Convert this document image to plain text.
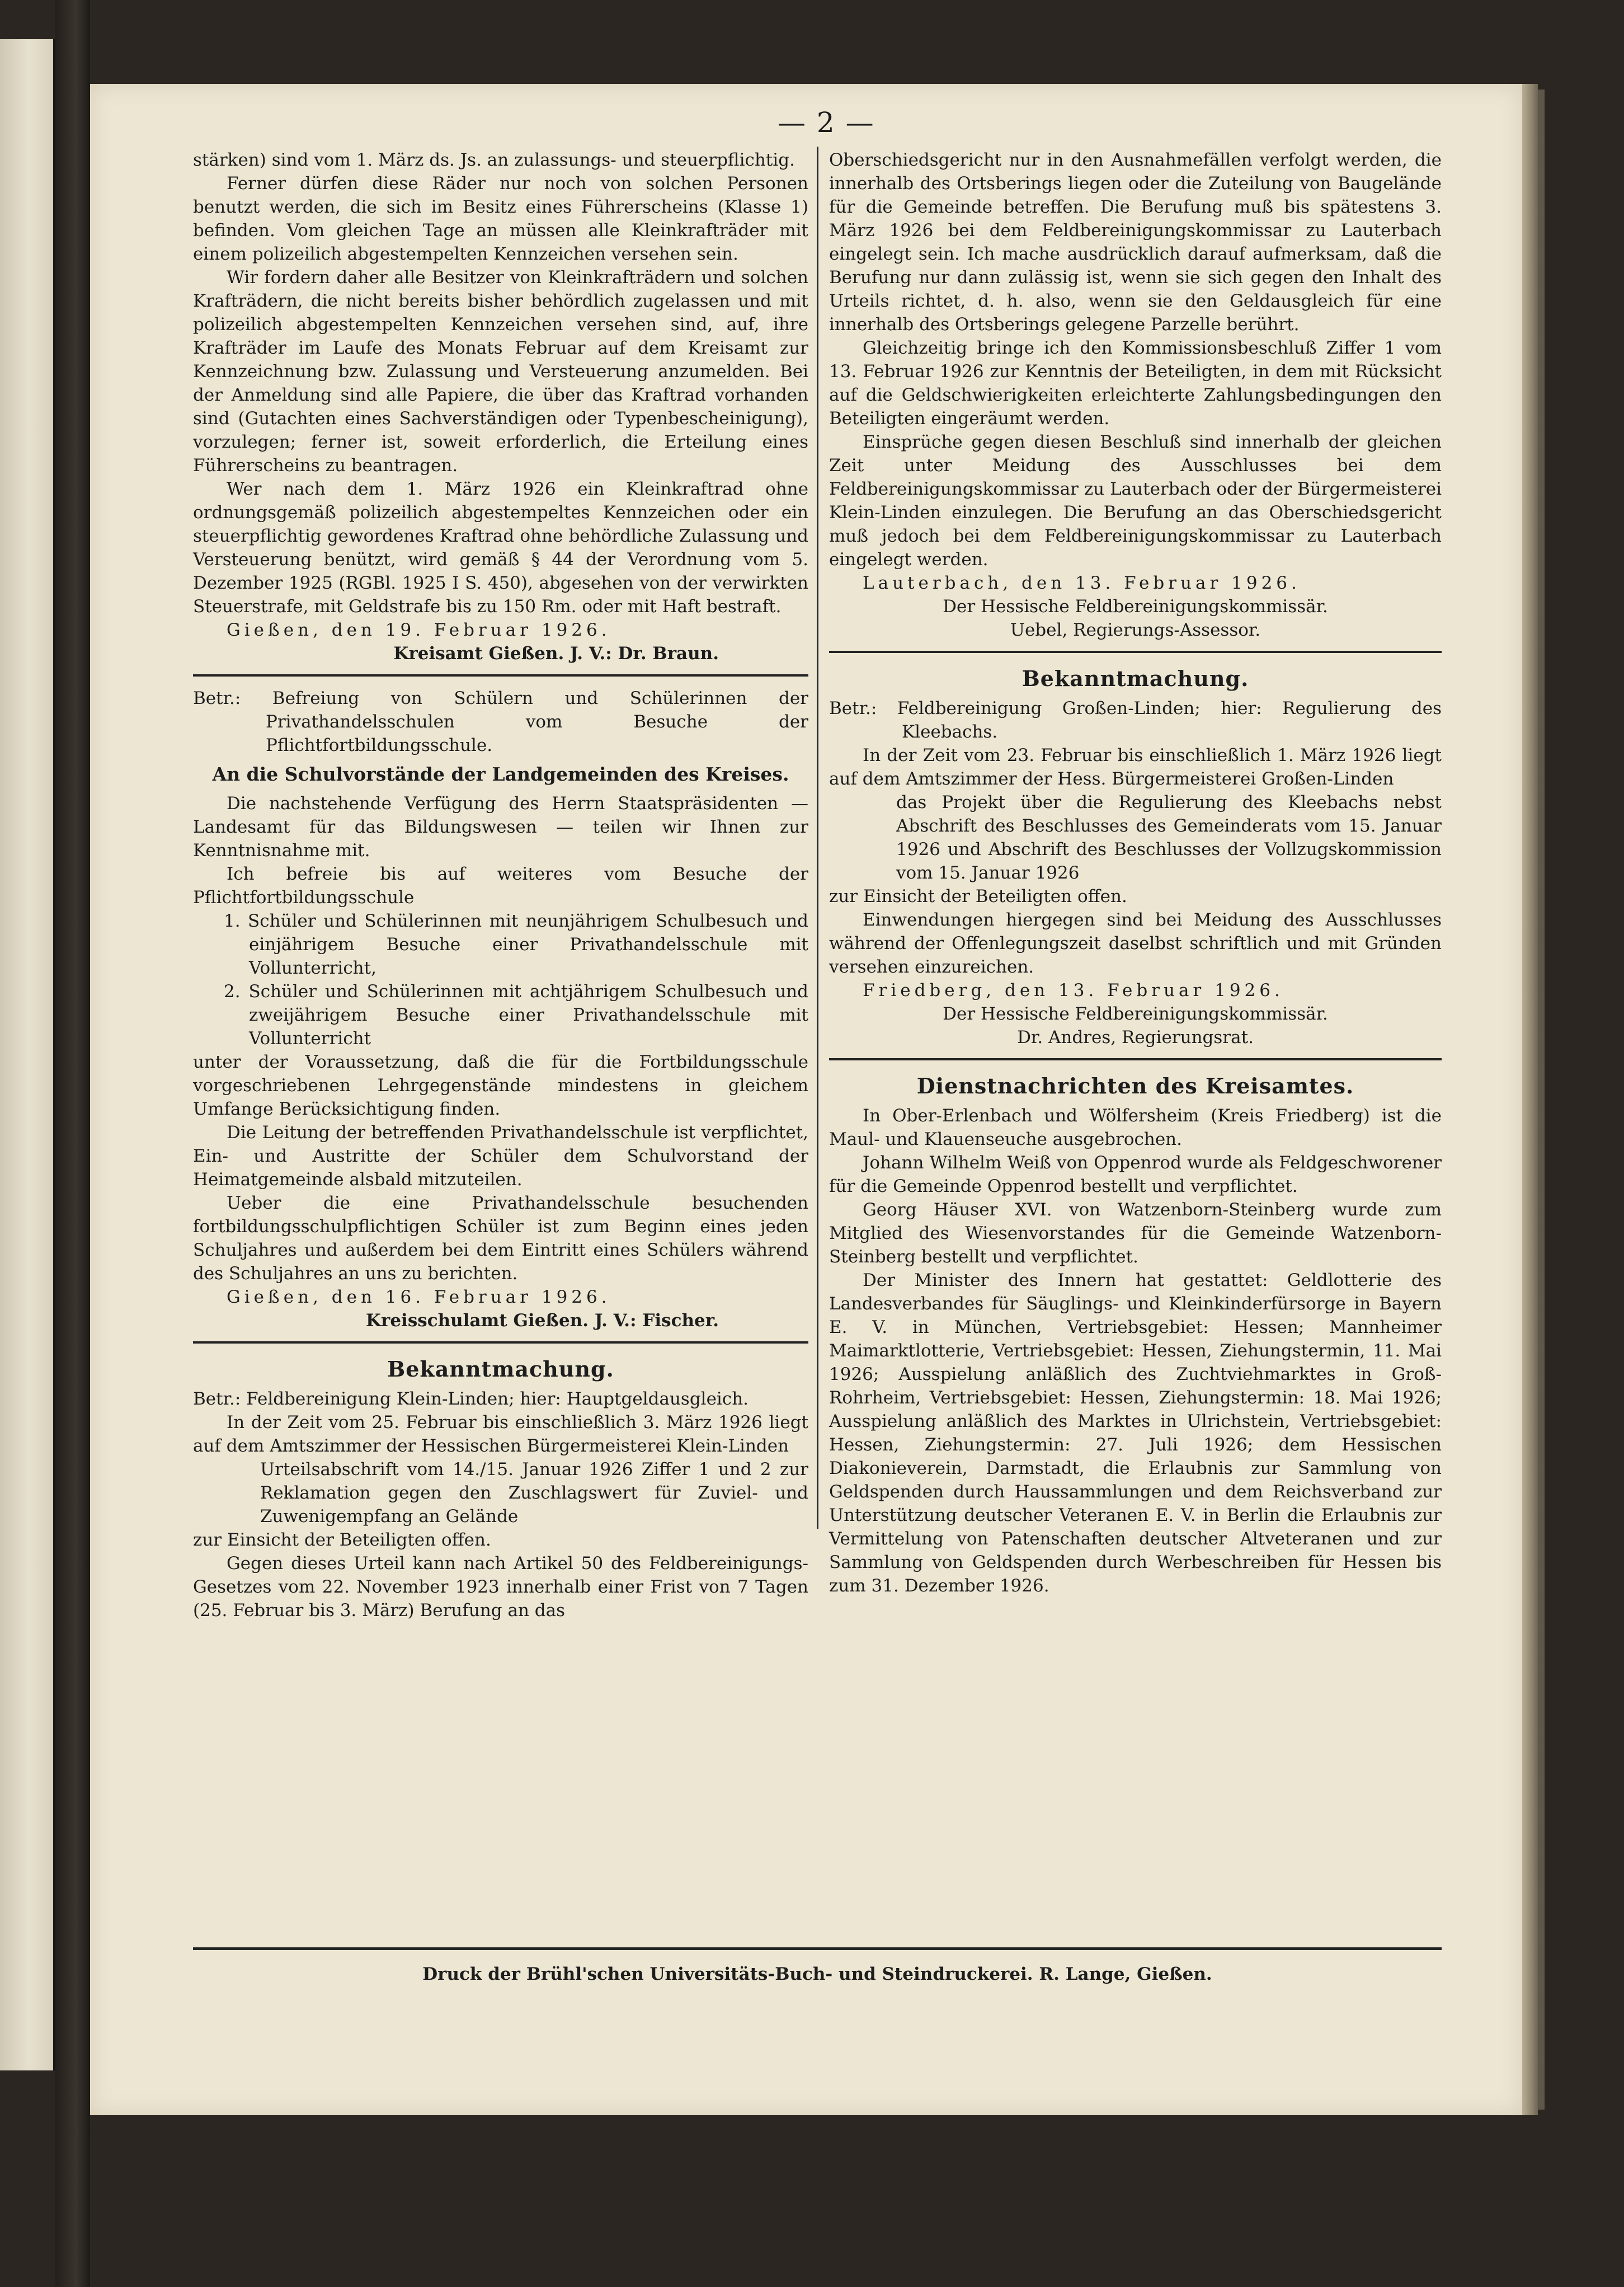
— 2 —

stärken) sind vom 1. März ds. Js. an zulassungs- und steuerpflichtig.

Ferner dürfen diese Räder nur noch von solchen Personen benutzt werden, die sich im Besitz eines Führerscheins (Klasse 1) befinden. Vom gleichen Tage an müssen alle Kleinkrafträder mit einem polizeilich abgestempelten Kennzeichen versehen sein.

Wir fordern daher alle Besitzer von Kleinkrafträdern und solchen Krafträdern, die nicht bereits bisher behördlich zugelassen und mit polizeilich abgestempelten Kennzeichen versehen sind, auf, ihre Krafträder im Laufe des Monats Februar auf dem Kreisamt zur Kennzeichnung bzw. Zulassung und Versteuerung anzumelden. Bei der Anmeldung sind alle Papiere, die über das Kraftrad vorhanden sind (Gutachten eines Sachverständigen oder Typenbescheinigung), vorzulegen; ferner ist, soweit erforderlich, die Erteilung eines Führerscheins zu beantragen.

Wer nach dem 1. März 1926 ein Kleinkraftrad ohne ordnungsgemäß polizeilich abgestempeltes Kennzeichen oder ein steuerpflichtig gewordenes Kraftrad ohne behördliche Zulassung und Versteuerung benützt, wird gemäß § 44 der Verordnung vom 5. Dezember 1925 (RGBl. 1925 I S. 450), abgesehen von der verwirkten Steuerstrafe, mit Geldstrafe bis zu 150 Rm. oder mit Haft bestraft.

Gießen, den 19. Februar 1926.

Kreisamt Gießen. J. V.: Dr. Braun.

Betr.: Befreiung von Schülern und Schülerinnen der Privathandelsschulen vom Besuche der Pflichtfortbildungsschule.

An die Schulvorstände der Landgemeinden des Kreises.

Die nachstehende Verfügung des Herrn Staatspräsidenten — Landesamt für das Bildungswesen — teilen wir Ihnen zur Kenntnisnahme mit.

Ich befreie bis auf weiteres vom Besuche der Pflichtfortbildungsschule

1. Schüler und Schülerinnen mit neunjährigem Schulbesuch und einjährigem Besuche einer Privathandelsschule mit Vollunterricht,

2. Schüler und Schülerinnen mit achtjährigem Schulbesuch und zweijährigem Besuche einer Privathandelsschule mit Vollunterricht

unter der Voraussetzung, daß die für die Fortbildungsschule vorgeschriebenen Lehrgegenstände mindestens in gleichem Umfange Berücksichtigung finden.

Die Leitung der betreffenden Privathandelsschule ist verpflichtet, Ein- und Austritte der Schüler dem Schulvorstand der Heimatgemeinde alsbald mitzuteilen.

Ueber die eine Privathandelsschule besuchenden fortbildungsschulpflichtigen Schüler ist zum Beginn eines jeden Schuljahres und außerdem bei dem Eintritt eines Schülers während des Schuljahres an uns zu berichten.

Gießen, den 16. Februar 1926.

Kreisschulamt Gießen. J. V.: Fischer.

Bekanntmachung.

Betr.: Feldbereinigung Klein-Linden; hier: Hauptgeldausgleich.

In der Zeit vom 25. Februar bis einschließlich 3. März 1926 liegt auf dem Amtszimmer der Hessischen Bürgermeisterei Klein-Linden

Urteilsabschrift vom 14./15. Januar 1926 Ziffer 1 und 2 zur Reklamation gegen den Zuschlagswert für Zuviel- und Zuwenigempfang an Gelände

zur Einsicht der Beteiligten offen.

Gegen dieses Urteil kann nach Artikel 50 des Feldbereinigungs-Gesetzes vom 22. November 1923 innerhalb einer Frist von 7 Tagen (25. Februar bis 3. März) Berufung an das

Oberschiedsgericht nur in den Ausnahmefällen verfolgt werden, die innerhalb des Ortsberings liegen oder die Zuteilung von Baugelände für die Gemeinde betreffen. Die Berufung muß bis spätestens 3. März 1926 bei dem Feldbereinigungskommissar zu Lauterbach eingelegt sein. Ich mache ausdrücklich darauf aufmerksam, daß die Berufung nur dann zulässig ist, wenn sie sich gegen den Inhalt des Urteils richtet, d. h. also, wenn sie den Geldausgleich für eine innerhalb des Ortsberings gelegene Parzelle berührt.

Gleichzeitig bringe ich den Kommissionsbeschluß Ziffer 1 vom 13. Februar 1926 zur Kenntnis der Beteiligten, in dem mit Rücksicht auf die Geldschwierigkeiten erleichterte Zahlungsbedingungen den Beteiligten eingeräumt werden.

Einsprüche gegen diesen Beschluß sind innerhalb der gleichen Zeit unter Meidung des Ausschlusses bei dem Feldbereinigungskommissar zu Lauterbach oder der Bürgermeisterei Klein-Linden einzulegen. Die Berufung an das Oberschiedsgericht muß jedoch bei dem Feldbereinigungskommissar zu Lauterbach eingelegt werden.

Lauterbach, den 13. Februar 1926.

Der Hessische Feldbereinigungskommissär.

Uebel, Regierungs-Assessor.

Bekanntmachung.

Betr.: Feldbereinigung Großen-Linden; hier: Regulierung des Kleebachs.

In der Zeit vom 23. Februar bis einschließlich 1. März 1926 liegt auf dem Amtszimmer der Hess. Bürgermeisterei Großen-Linden

das Projekt über die Regulierung des Kleebachs nebst Abschrift des Beschlusses des Gemeinderats vom 15. Januar 1926 und Abschrift des Beschlusses der Vollzugskommission vom 15. Januar 1926

zur Einsicht der Beteiligten offen.

Einwendungen hiergegen sind bei Meidung des Ausschlusses während der Offenlegungszeit daselbst schriftlich und mit Gründen versehen einzureichen.

Friedberg, den 13. Februar 1926.

Der Hessische Feldbereinigungskommissär.

Dr. Andres, Regierungsrat.

Dienstnachrichten des Kreisamtes.

In Ober-Erlenbach und Wölfersheim (Kreis Friedberg) ist die Maul- und Klauenseuche ausgebrochen.

Johann Wilhelm Weiß von Oppenrod wurde als Feldgeschworener für die Gemeinde Oppenrod bestellt und verpflichtet.

Georg Häuser XVI. von Watzenborn-Steinberg wurde zum Mitglied des Wiesenvorstandes für die Gemeinde Watzenborn-Steinberg bestellt und verpflichtet.

Der Minister des Innern hat gestattet: Geldlotterie des Landesverbandes für Säuglings- und Kleinkinderfürsorge in Bayern E. V. in München, Vertriebsgebiet: Hessen; Mannheimer Maimarktlotterie, Vertriebsgebiet: Hessen, Ziehungstermin, 11. Mai 1926; Ausspielung anläßlich des Zuchtviehmarktes in Groß-Rohrheim, Vertriebsgebiet: Hessen, Ziehungstermin: 18. Mai 1926; Ausspielung anläßlich des Marktes in Ulrichstein, Vertriebsgebiet: Hessen, Ziehungstermin: 27. Juli 1926; dem Hessischen Diakonieverein, Darmstadt, die Erlaubnis zur Sammlung von Geldspenden durch Haussammlungen und dem Reichsverband zur Unterstützung deutscher Veteranen E. V. in Berlin die Erlaubnis zur Vermittelung von Patenschaften deutscher Altveteranen und zur Sammlung von Geldspenden durch Werbeschreiben für Hessen bis zum 31. Dezember 1926.

Druck der Brühl'schen Universitäts-Buch- und Steindruckerei. R. Lange, Gießen.
